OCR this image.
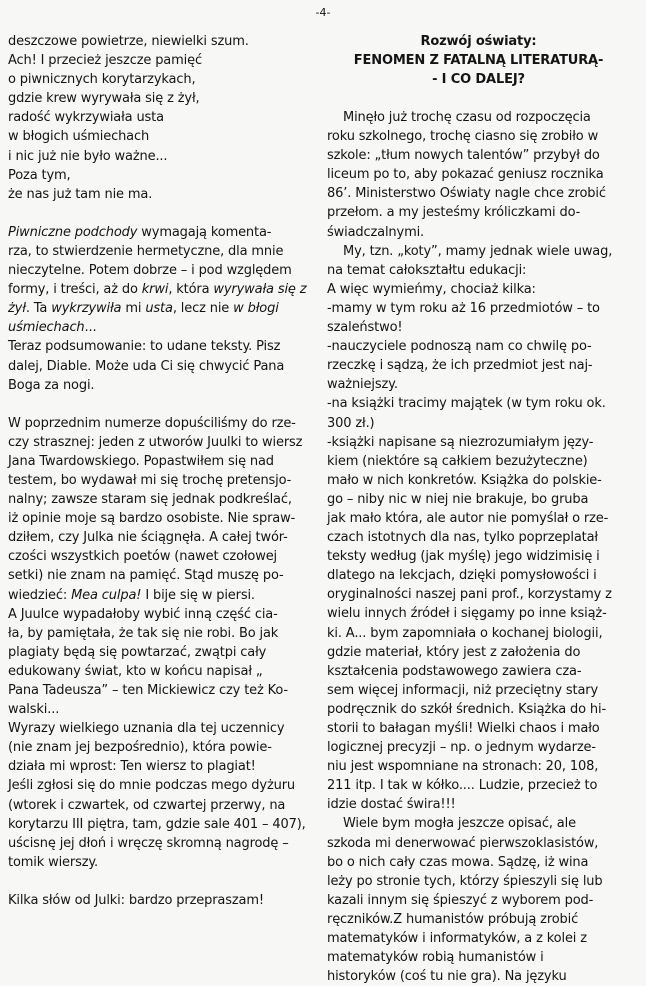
-4-
deszczowe powietrze, niewielki szum.
Ach! I przecież jeszcze pamięć
o piwnicznych korytarzykach,
gdzie krew wyrywała się z żył,
radość wykrzywiała usta
w błogich uśmiechach
i nic już nie było ważne...
Poza tym,
że nas już tam nie ma.
Piwniczne podchody wymagają komenta-
rza, to stwierdzenie hermetyczne, dla mnie
nieczytelne. Potem dobrze – i pod względem
formy, i treści, aż do krwi, która wyrywała się z
żył. Ta wykrzywiła mi usta, lecz nie w błogi
uśmiechach...
Teraz podsumowanie: to udane teksty. Pisz
dalej, Diable. Może uda Ci się chwycić Pana
Boga za nogi.
W poprzednim numerze dopuściliśmy do rze-
czy strasznej: jeden z utworów Juulki to wiersz
Jana Twardowskiego. Popastwiłem się nad
testem, bo wydawał mi się trochę pretensjo-
nalny; zawsze staram się jednak podkreślać,
iż opinie moje są bardzo osobiste. Nie spraw-
dziłem, czy Julka nie ściągnęła. A całej twór-
czości wszystkich poetów (nawet czołowej
setki) nie znam na pamięć. Stąd muszę po-
wiedzieć: Mea culpa! I bije się w piersi.
A Juulce wypadałoby wybić inną część cia-
ła, by pamiętała, że tak się nie robi. Bo jak
plagiaty będą się powtarzać, zwątpi cały
edukowany świat, kto w końcu napisał „
Pana Tadeusza” – ten Mickiewicz czy też Ko-
walski...
Wyrazy wielkiego uznania dla tej uczennicy
(nie znam jej bezpośrednio), która powie-
działa mi wprost: Ten wiersz to plagiat!
Jeśli zgłosi się do mnie podczas mego dyżuru
(wtorek i czwartek, od czwartej przerwy, na
korytarzu III piętra, tam, gdzie sale 401 – 407),
uścisnę jej dłoń i wręczę skromną nagrodę –
tomik wierszy.
Kilka słów od Julki: bardzo przepraszam!
Rozwój oświaty:
FENOMEN Z FATALNĄ LITERATURĄ-
- I CO DALEJ?
Minęło już trochę czasu od rozpoczęcia
roku szkolnego, trochę ciasno się zrobiło w
szkole: „tłum nowych talentów” przybył do
liceum po to, aby pokazać geniusz rocznika
86’. Ministerstwo Oświaty nagle chce zrobić
przełom. a my jesteśmy króliczkami do-
świadczalnymi.
My, tzn. „koty”, mamy jednak wiele uwag,
na temat całokształtu edukacji:
A więc wymieńmy, chociaż kilka:
-mamy w tym roku aż 16 przedmiotów – to
szaleństwo!
-nauczyciele podnoszą nam co chwilę po-
rzeczkę i sądzą, że ich przedmiot jest naj-
ważniejszy.
-na książki tracimy majątek (w tym roku ok.
300 zł.)
-książki napisane są niezrozumiałym języ-
kiem (niektóre są całkiem bezużyteczne)
mało w nich konkretów. Książka do polskie-
go – niby nic w niej nie brakuje, bo gruba
jak mało która, ale autor nie pomyślał o rze-
czach istotnych dla nas, tylko poprzeplatał
teksty według (jak myślę) jego widzimisię i
dlatego na lekcjach, dzięki pomysłowości i
oryginalności naszej pani prof., korzystamy z
wielu innych źródeł i sięgamy po inne książ-
ki. A... bym zapomniała o kochanej biologii,
gdzie materiał, który jest z założenia do
kształcenia podstawowego zawiera cza-
sem więcej informacji, niż przeciętny stary
podręcznik do szkół średnich. Książka do hi-
storii to bałagan myśli! Wielki chaos i mało
logicznej precyzji – np. o jednym wydarze-
niu jest wspomniane na stronach: 20, 108,
211 itp. I tak w kółko.... Ludzie, przecież to
idzie dostać świra!!!
Wiele bym mogła jeszcze opisać, ale
szkoda mi denerwować pierwszoklasistów,
bo o nich cały czas mowa. Sądzę, iż wina
leży po stronie tych, którzy śpieszyli się lub
kazali innym się śpieszyć z wyborem pod-
ręczników.Z humanistów próbują zrobić
matematyków i informatyków, a z kolei z
matematyków robią humanistów i
historyków (coś tu nie gra). Na języku
